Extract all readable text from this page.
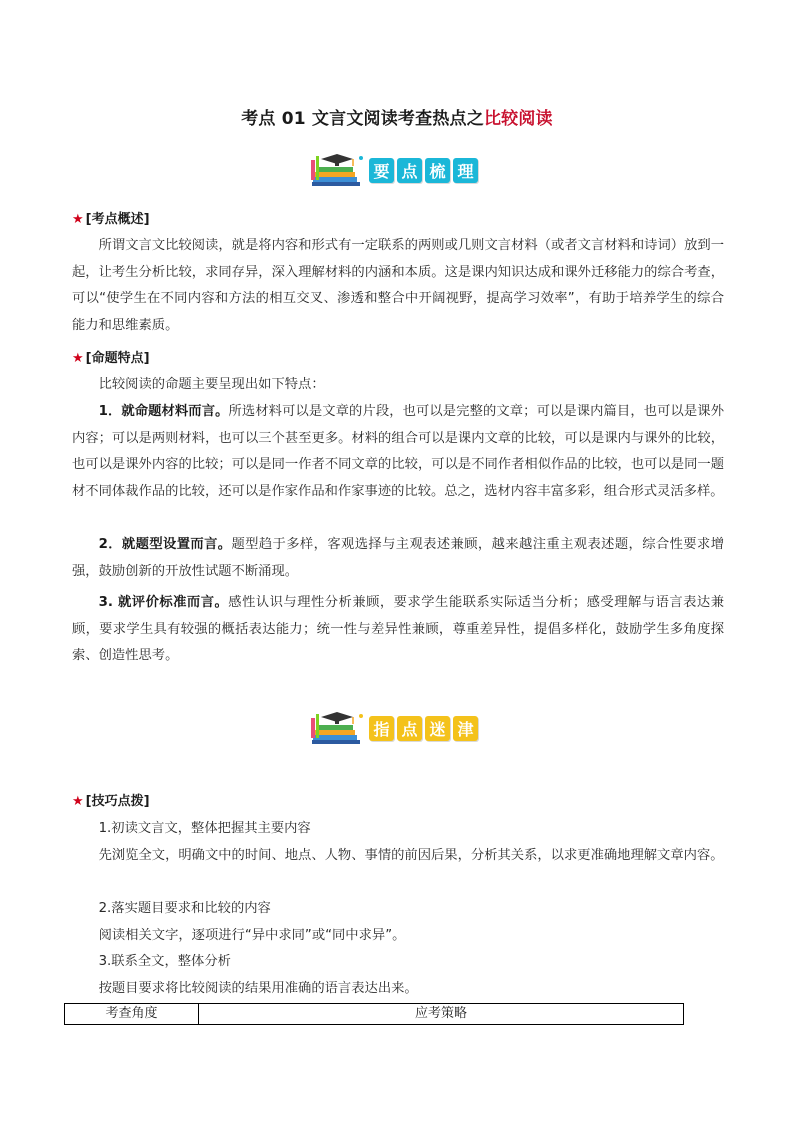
考点 01 文言文阅读考查热点之比较阅读
要 点 梳 理
★ [考点概述]
所谓文言文比较阅读，就是将内容和形式有一定联系的两则或几则文言材料（或者文言材料和诗词）放到一起，让考生分析比较，求同存异，深入理解材料的内涵和本质。这是课内知识达成和课外迁移能力的综合考查，可以“使学生在不同内容和方法的相互交叉、渗透和整合中开阔视野，提高学习效率”，有助于培养学生的综合能力和思维素质。
★ [命题特点]
比较阅读的命题主要呈现出如下特点：
1．就命题材料而言。所选材料可以是文章的片段，也可以是完整的文章；可以是课内篇目，也可以是课外内容；可以是两则材料，也可以三个甚至更多。材料的组合可以是课内文章的比较，可以是课内与课外的比较，也可以是课外内容的比较；可以是同一作者不同文章的比较，可以是不同作者相似作品的比较，也可以是同一题材不同体裁作品的比较，还可以是作家作品和作家事迹的比较。总之，选材内容丰富多彩，组合形式灵活多样。
2．就题型设置而言。题型趋于多样，客观选择与主观表述兼顾，越来越注重主观表述题，综合性要求增强，鼓励创新的开放性试题不断涌现。
3. 就评价标准而言。感性认识与理性分析兼顾，要求学生能联系实际适当分析；感受理解与语言表达兼顾，要求学生具有较强的概括表达能力；统一性与差异性兼顾，尊重差异性，提倡多样化，鼓励学生多角度探索、创造性思考。
指 点 迷 津
★ [技巧点拨]
1.初读文言文，整体把握其主要内容
先浏览全文，明确文中的时间、地点、人物、事情的前因后果，分析其关系，以求更准确地理解文章内容。
2.落实题目要求和比较的内容
阅读相关文字，逐项进行“异中求同”或“同中求异”。
3.联系全文，整体分析
按题目要求将比较阅读的结果用准确的语言表达出来。
考查角度	应考策略
